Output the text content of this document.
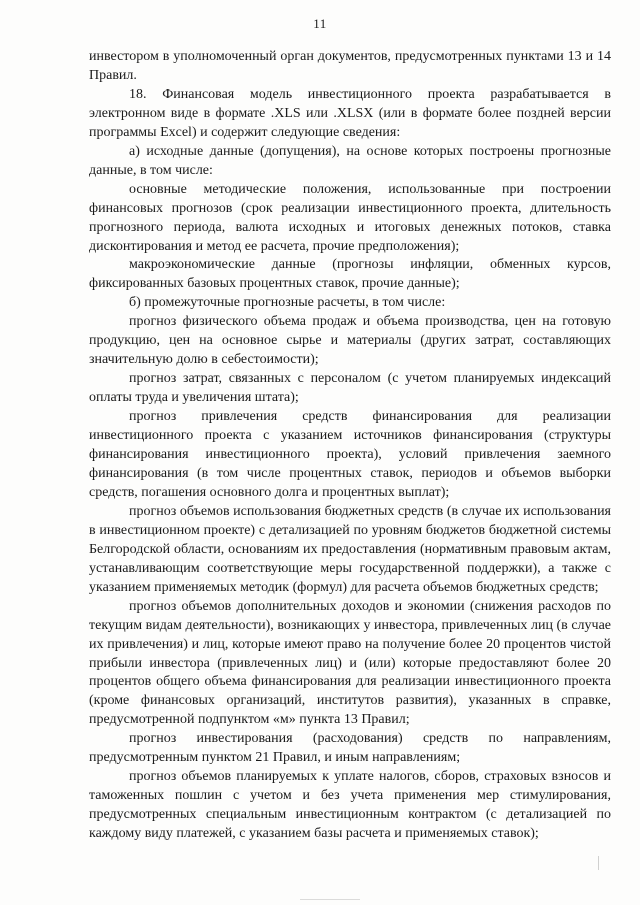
11

инвестором в уполномоченный орган документов, предусмотренных пунктами 13 и 14 Правил.

18. Финансовая модель инвестиционного проекта разрабатывается в электронном виде в формате .XLS или .XLSX (или в формате более поздней версии программы Excel) и содержит следующие сведения:

а) исходные данные (допущения), на основе которых построены прогнозные данные, в том числе:

основные методические положения, использованные при построении финансовых прогнозов (срок реализации инвестиционного проекта, длительность прогнозного периода, валюта исходных и итоговых денежных потоков, ставка дисконтирования и метод ее расчета, прочие предположения);

макроэкономические данные (прогнозы инфляции, обменных курсов, фиксированных базовых процентных ставок, прочие данные);

б) промежуточные прогнозные расчеты, в том числе:

прогноз физического объема продаж и объема производства, цен на готовую продукцию, цен на основное сырье и материалы (других затрат, составляющих значительную долю в себестоимости);

прогноз затрат, связанных с персоналом (с учетом планируемых индексаций оплаты труда и увеличения штата);

прогноз привлечения средств финансирования для реализации инвестиционного проекта с указанием источников финансирования (структуры финансирования инвестиционного проекта), условий привлечения заемного финансирования (в том числе процентных ставок, периодов и объемов выборки средств, погашения основного долга и процентных выплат);

прогноз объемов использования бюджетных средств (в случае их использования в инвестиционном проекте) с детализацией по уровням бюджетов бюджетной системы Белгородской области, основаниям их предоставления (нормативным правовым актам, устанавливающим соответствующие меры государственной поддержки), а также с указанием применяемых методик (формул) для расчета объемов бюджетных средств;

прогноз объемов дополнительных доходов и экономии (снижения расходов по текущим видам деятельности), возникающих у инвестора, привлеченных лиц (в случае их привлечения) и лиц, которые имеют право на получение более 20 процентов чистой прибыли инвестора (привлеченных лиц) и (или) которые предоставляют более 20 процентов общего объема финансирования для реализации инвестиционного проекта (кроме финансовых организаций, институтов развития), указанных в справке, предусмотренной подпунктом «м» пункта 13 Правил;

прогноз инвестирования (расходования) средств по направлениям, предусмотренным пунктом 21 Правил, и иным направлениям;

прогноз объемов планируемых к уплате налогов, сборов, страховых взносов и таможенных пошлин с учетом и без учета применения мер стимулирования, предусмотренных специальным инвестиционным контрактом (с детализацией по каждому виду платежей, с указанием базы расчета и применяемых ставок);
